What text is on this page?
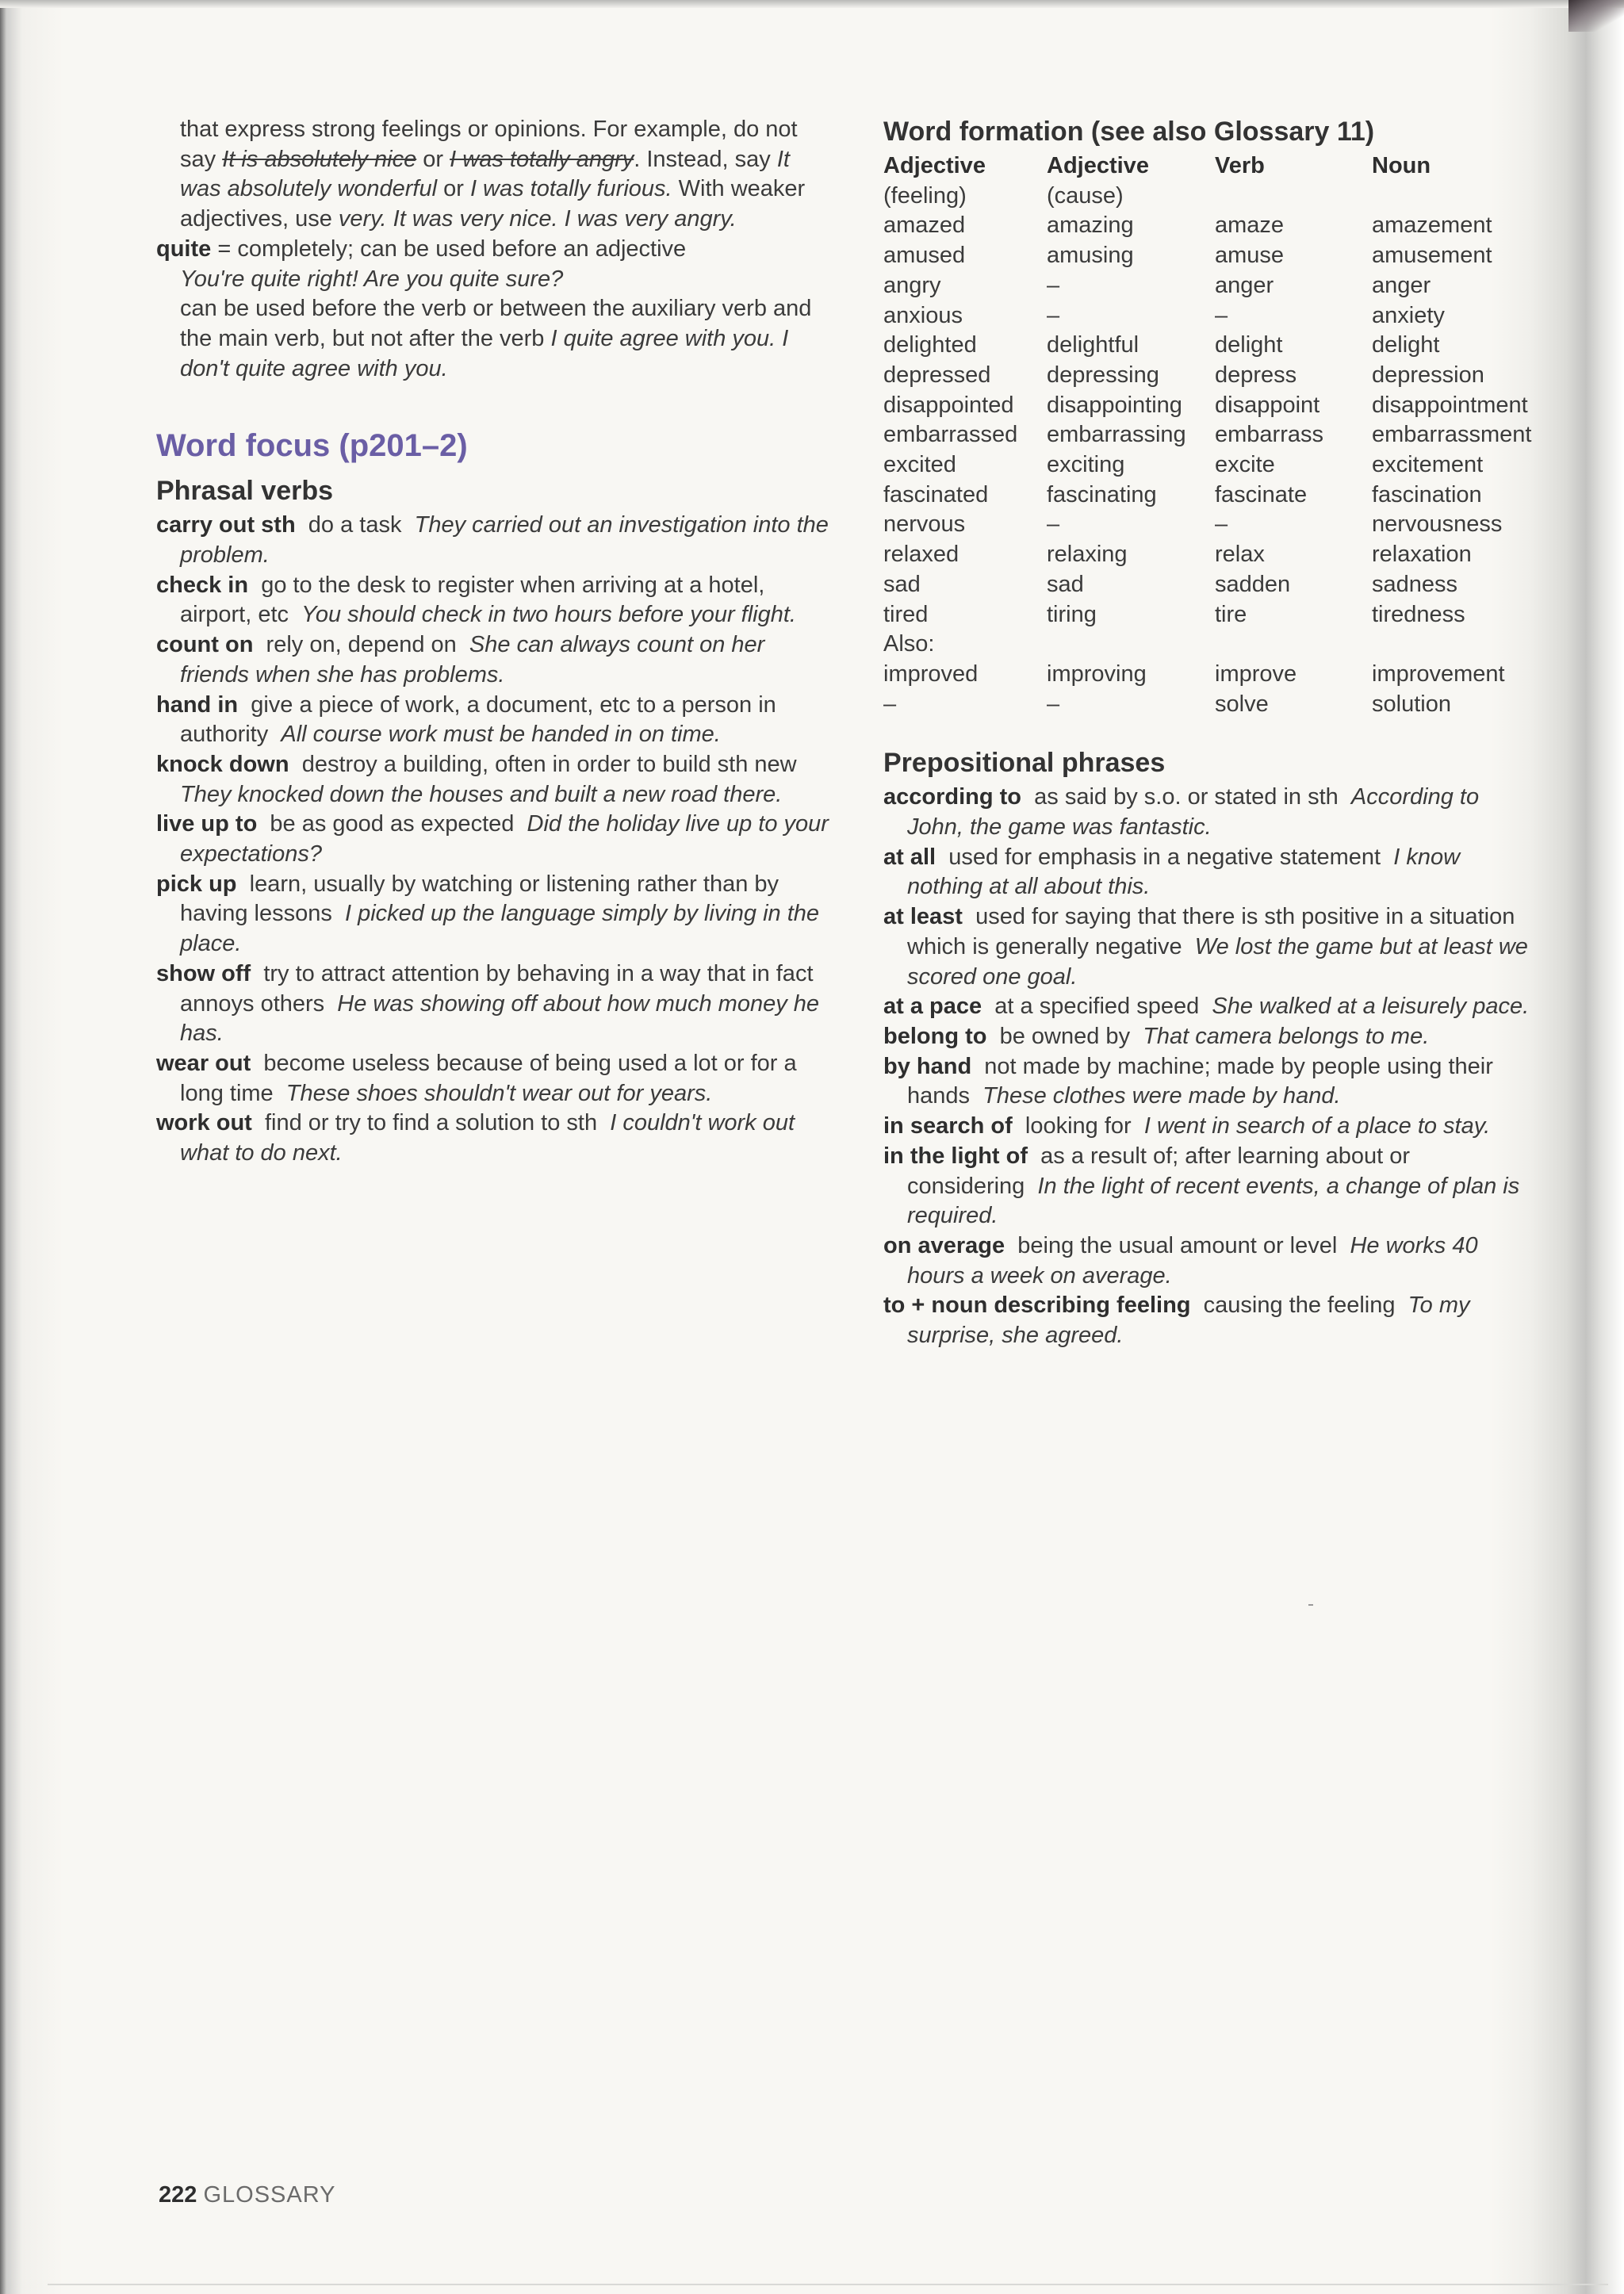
that express strong feelings or opinions. For example, do not say It is absolutely nice or I was totally angry. Instead, say It was absolutely wonderful or I was totally furious. With weaker adjectives, use very. It was very nice. I was very angry.

quite = completely; can be used before an adjective
You're quite right! Are you quite sure?
can be used before the verb or between the auxiliary verb and the main verb, but not after the verb I quite agree with you. I don't quite agree with you.

Word focus (p201–2)
Phrasal verbs

carry out sth do a task They carried out an investigation into the problem.

check in go to the desk to register when arriving at a hotel, airport, etc You should check in two hours before your flight.

count on rely on, depend on She can always count on her friends when she has problems.

hand in give a piece of work, a document, etc to a person in authority All course work must be handed in on time.

knock down destroy a building, often in order to build sth new  They knocked down the houses and built a new road there.

live up to be as good as expected Did the holiday live up to your expectations?

pick up learn, usually by watching or listening rather than by having lessons I picked up the language simply by living in the place.

show off try to attract attention by behaving in a way that in fact annoys others He was showing off about how much money he has.

wear out become useless because of being used a lot or for a long time These shoes shouldn't wear out for years.

work out find or try to find a solution to sth I couldn't work out what to do next.

Word formation (see also Glossary 11)
Adjective	Adjective	Verb	Noun
(feeling)	(cause)		
amazed	amazing	amaze	amazement
amused	amusing	amuse	amusement
angry	–	anger	anger
anxious	–	–	anxiety
delighted	delightful	delight	delight
depressed	depressing	depress	depression
disappointed	disappointing	disappoint	disappointment
embarrassed	embarrassing	embarrass	embarrassment
excited	exciting	excite	excitement
fascinated	fascinating	fascinate	fascination
nervous	–	–	nervousness
relaxed	relaxing	relax	relaxation
sad	sad	sadden	sadness
tired	tiring	tire	tiredness
Also:			
improved	improving	improve	improvement
–	–	solve	solution
Prepositional phrases

according to as said by s.o. or stated in sth According to John, the game was fantastic.

at all used for emphasis in a negative statement I know nothing at all about this.

at least used for saying that there is sth positive in a situation which is generally negative We lost the game but at least we scored one goal.

at a pace at a specified speed She walked at a leisurely pace.

belong to be owned by That camera belongs to me.

by hand not made by machine; made by people using their hands These clothes were made by hand.

in search of looking for I went in search of a place to stay.

in the light of as a result of; after learning about or considering In the light of recent events, a change of plan is required.

on average being the usual amount or level He works 40 hours a week on average.

to + noun describing feeling causing the feeling To my surprise, she agreed.

222 GLOSSARY
